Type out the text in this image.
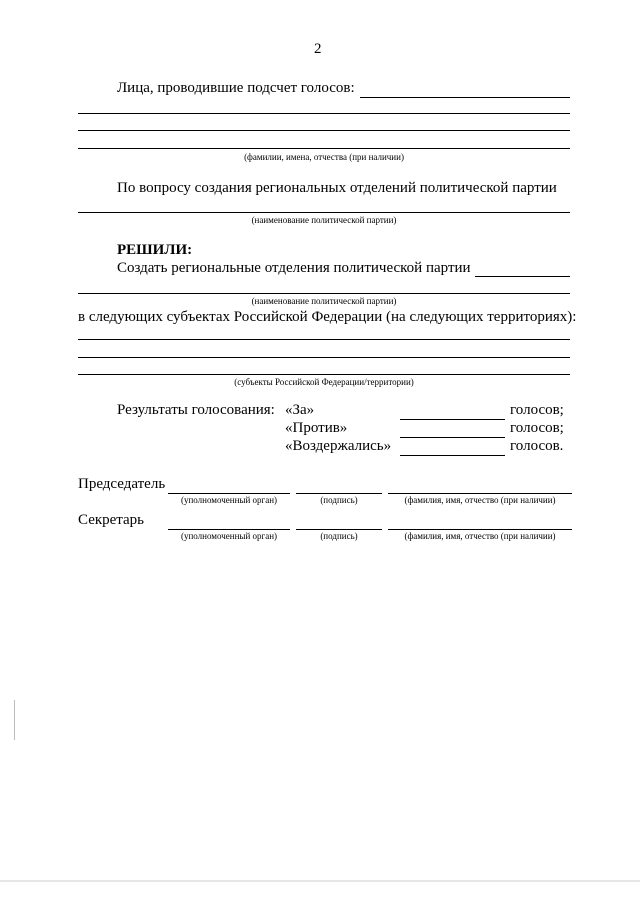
2
Лица, проводившие подсчет голосов:
(фамилии, имена, отчества (при наличии)
По вопросу создания региональных отделений политической партии
(наименование политической партии)
РЕШИЛИ:
Создать региональные отделения политической партии
(наименование политической партии)
в следующих субъектах Российской Федерации (на следующих территориях):
(субъекты Российской Федерации/территории)
Результаты голосования: «За»	голосов;
«Против»	голосов;
«Воздержались»	голосов.
Председатель
(уполномоченный орган)	(подпись)	(фамилия, имя, отчество (при наличии)
Секретарь
(уполномоченный орган)	(подпись)	(фамилия, имя, отчество (при наличии)
